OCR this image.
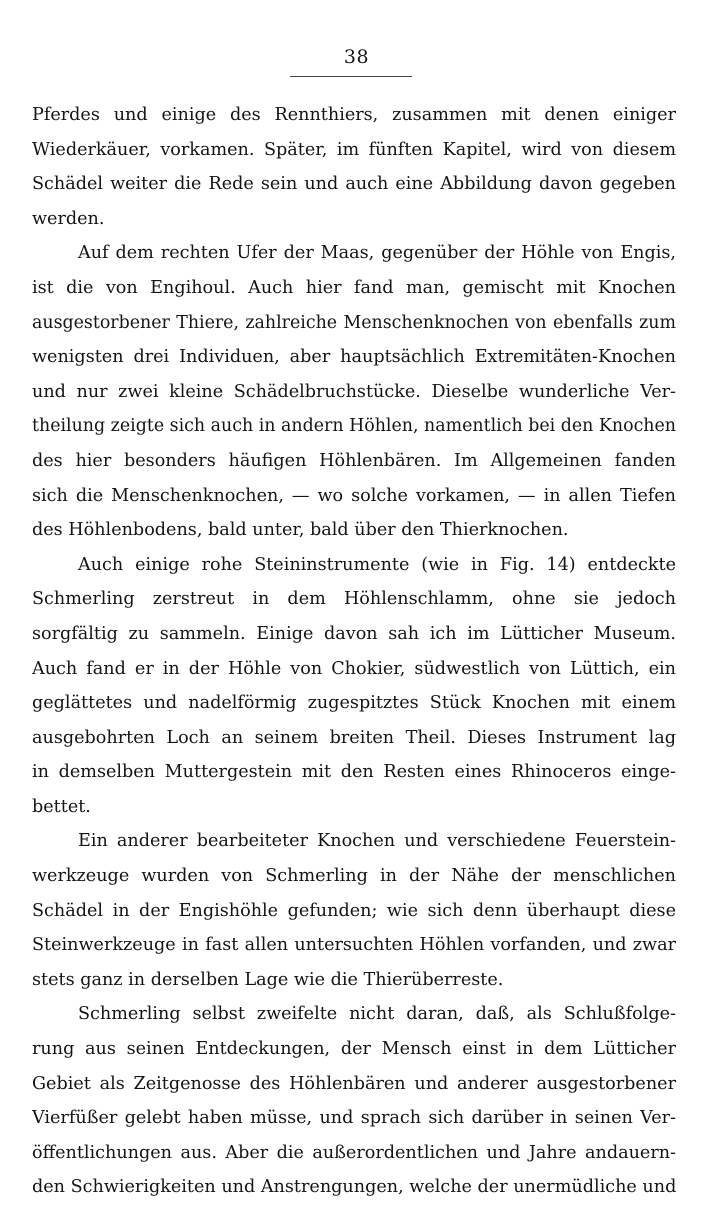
38
Pferdes und einige des Rennthiers, zusammen mit denen einiger
Wiederkäuer, vorkamen. Später, im fünften Kapitel, wird von diesem
Schädel weiter die Rede sein und auch eine Abbildung davon gegeben
werden.
Auf dem rechten Ufer der Maas, gegenüber der Höhle von Engis,
ist die von Engihoul. Auch hier fand man, gemischt mit Knochen
ausgestorbener Thiere, zahlreiche Menschenknochen von ebenfalls zum
wenigsten drei Individuen, aber hauptsächlich Extremitäten-Knochen
und nur zwei kleine Schädelbruchstücke. Dieselbe wunderliche Ver-
theilung zeigte sich auch in andern Höhlen, namentlich bei den Knochen
des hier besonders häufigen Höhlenbären. Im Allgemeinen fanden
sich die Menschenknochen, — wo solche vorkamen, — in allen Tiefen
des Höhlenbodens, bald unter, bald über den Thierknochen.
Auch einige rohe Steininstrumente (wie in Fig. 14) entdeckte
Schmerling zerstreut in dem Höhlenschlamm, ohne sie jedoch
sorgfältig zu sammeln. Einige davon sah ich im Lütticher Museum.
Auch fand er in der Höhle von Chokier, südwestlich von Lüttich, ein
geglättetes und nadelförmig zugespitztes Stück Knochen mit einem
ausgebohrten Loch an seinem breiten Theil. Dieses Instrument lag
in demselben Muttergestein mit den Resten eines Rhinoceros einge-
bettet.
Ein anderer bearbeiteter Knochen und verschiedene Feuerstein-
werkzeuge wurden von Schmerling in der Nähe der menschlichen
Schädel in der Engishöhle gefunden; wie sich denn überhaupt diese
Steinwerkzeuge in fast allen untersuchten Höhlen vorfanden, und zwar
stets ganz in derselben Lage wie die Thierüberreste.
Schmerling selbst zweifelte nicht daran, daß, als Schlußfolge-
rung aus seinen Entdeckungen, der Mensch einst in dem Lütticher
Gebiet als Zeitgenosse des Höhlenbären und anderer ausgestorbener
Vierfüßer gelebt haben müsse, und sprach sich darüber in seinen Ver-
öffentlichungen aus. Aber die außerordentlichen und Jahre andauern-
den Schwierigkeiten und Anstrengungen, welche der unermüdliche und
